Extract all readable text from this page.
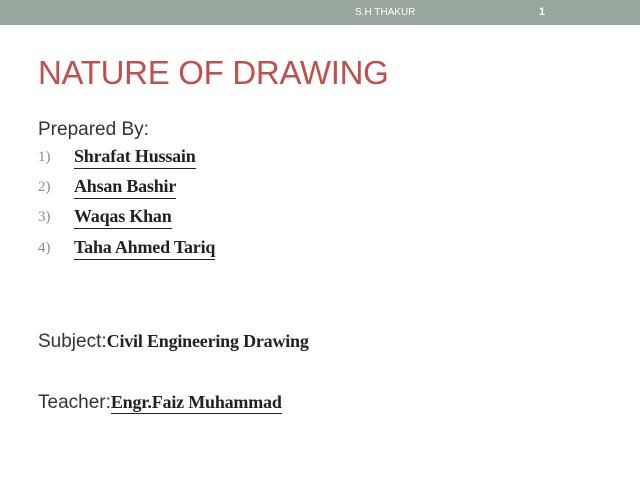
S.H THAKUR	1
NATURE OF DRAWING
Prepared By:
1) Shrafat Hussain
2) Ahsan Bashir
3) Waqas Khan
4) Taha Ahmed Tariq
Subject:Civil Engineering Drawing
Teacher:Engr.Faiz Muhammad
